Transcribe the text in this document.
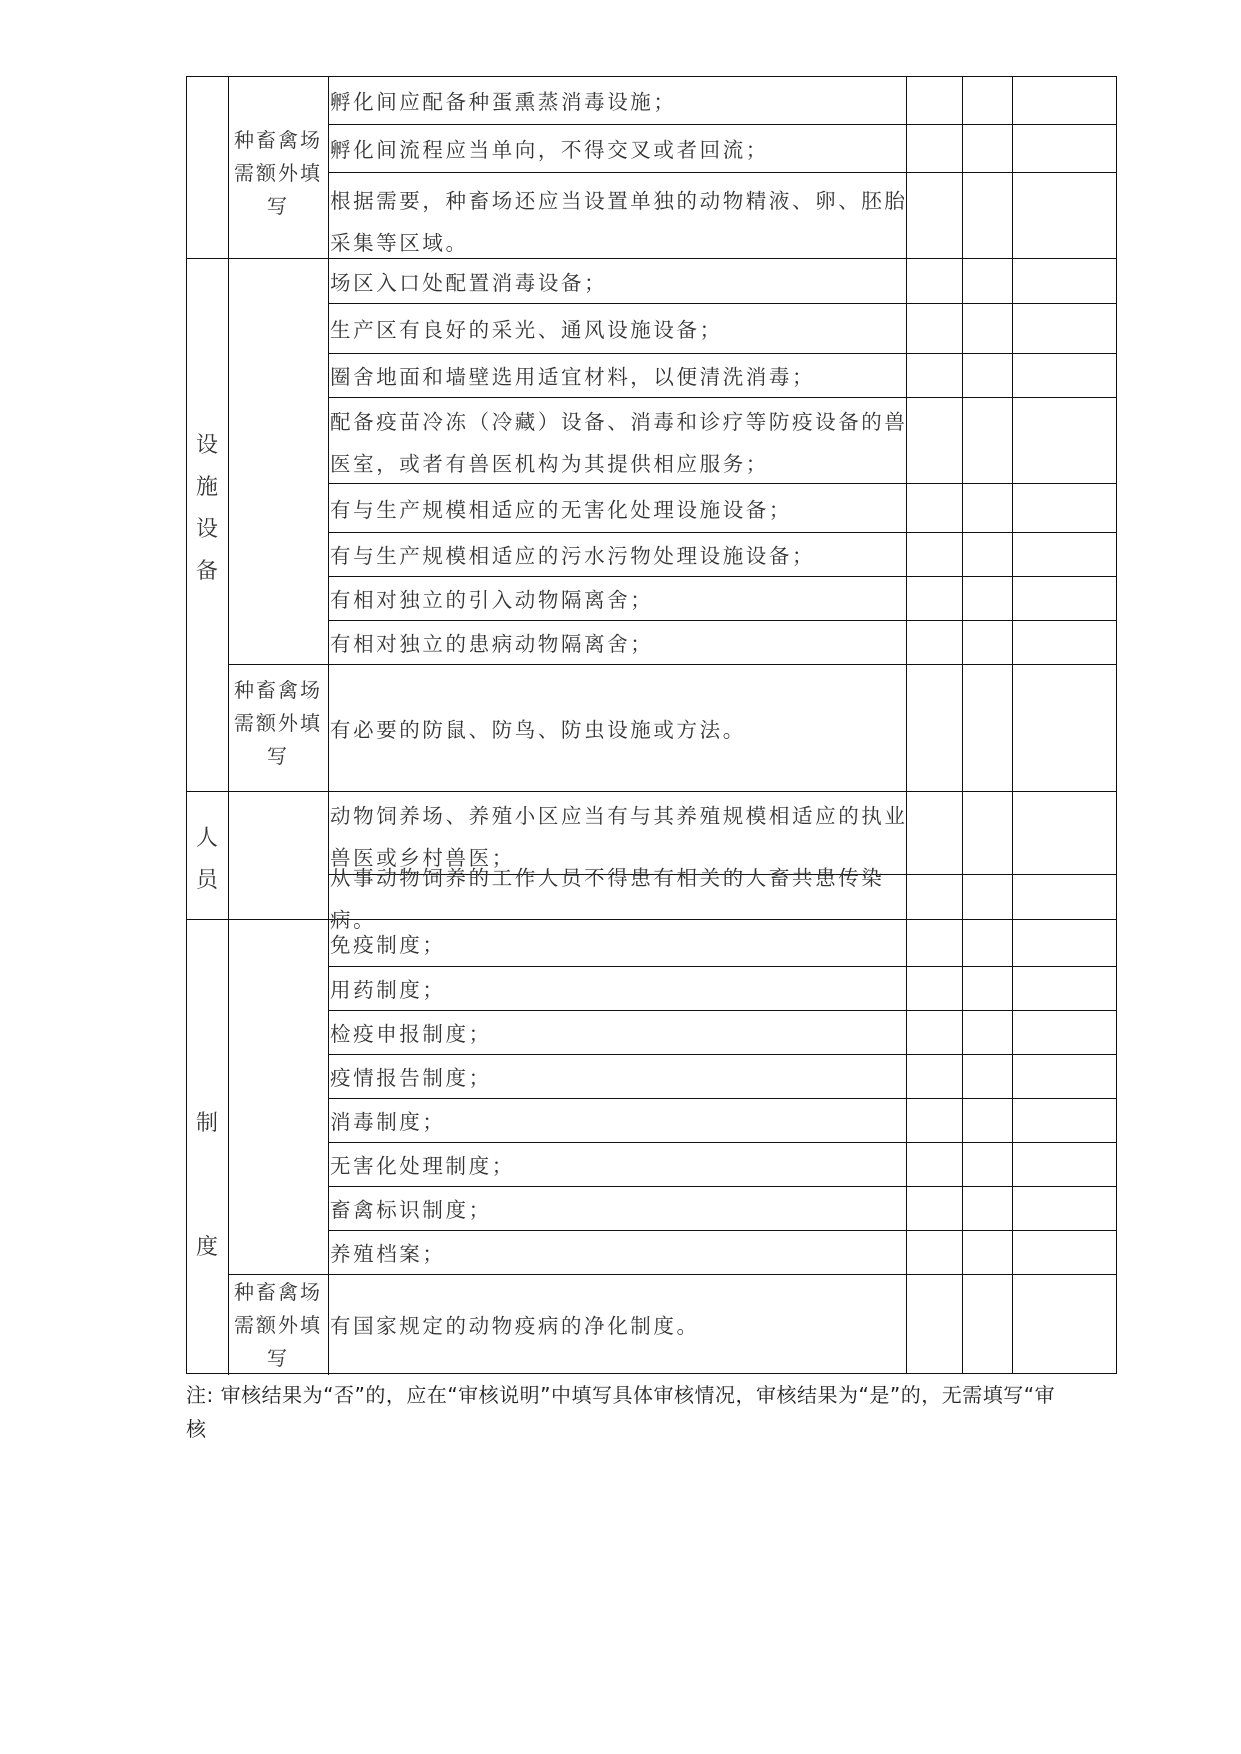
设
施
设
备
人
员
制
度
种畜禽场需额外填写
种畜禽场需额外填写
种畜禽场需额外填写
孵化间应配备种蛋熏蒸消毒设施；
孵化间流程应当单向，不得交叉或者回流；
根据需要，种畜场还应当设置单独的动物精液、卵、胚胎采集等区域。
场区入口处配置消毒设备；
生产区有良好的采光、通风设施设备；
圈舍地面和墙壁选用适宜材料，以便清洗消毒；
配备疫苗冷冻（冷藏）设备、消毒和诊疗等防疫设备的兽医室，或者有兽医机构为其提供相应服务；
有与生产规模相适应的无害化处理设施设备；
有与生产规模相适应的污水污物处理设施设备；
有相对独立的引入动物隔离舍；
有相对独立的患病动物隔离舍；
有必要的防鼠、防鸟、防虫设施或方法。
动物饲养场、养殖小区应当有与其养殖规模相适应的执业兽医或乡村兽医；
从事动物饲养的工作人员不得患有相关的人畜共患传染病。
免疫制度；
用药制度；
检疫申报制度；
疫情报告制度；
消毒制度；
无害化处理制度；
畜禽标识制度；
养殖档案；
有国家规定的动物疫病的净化制度。
注: 审核结果为“否”的，应在“审核说明”中填写具体审核情况，审核结果为“是”的，无需填写“审核
